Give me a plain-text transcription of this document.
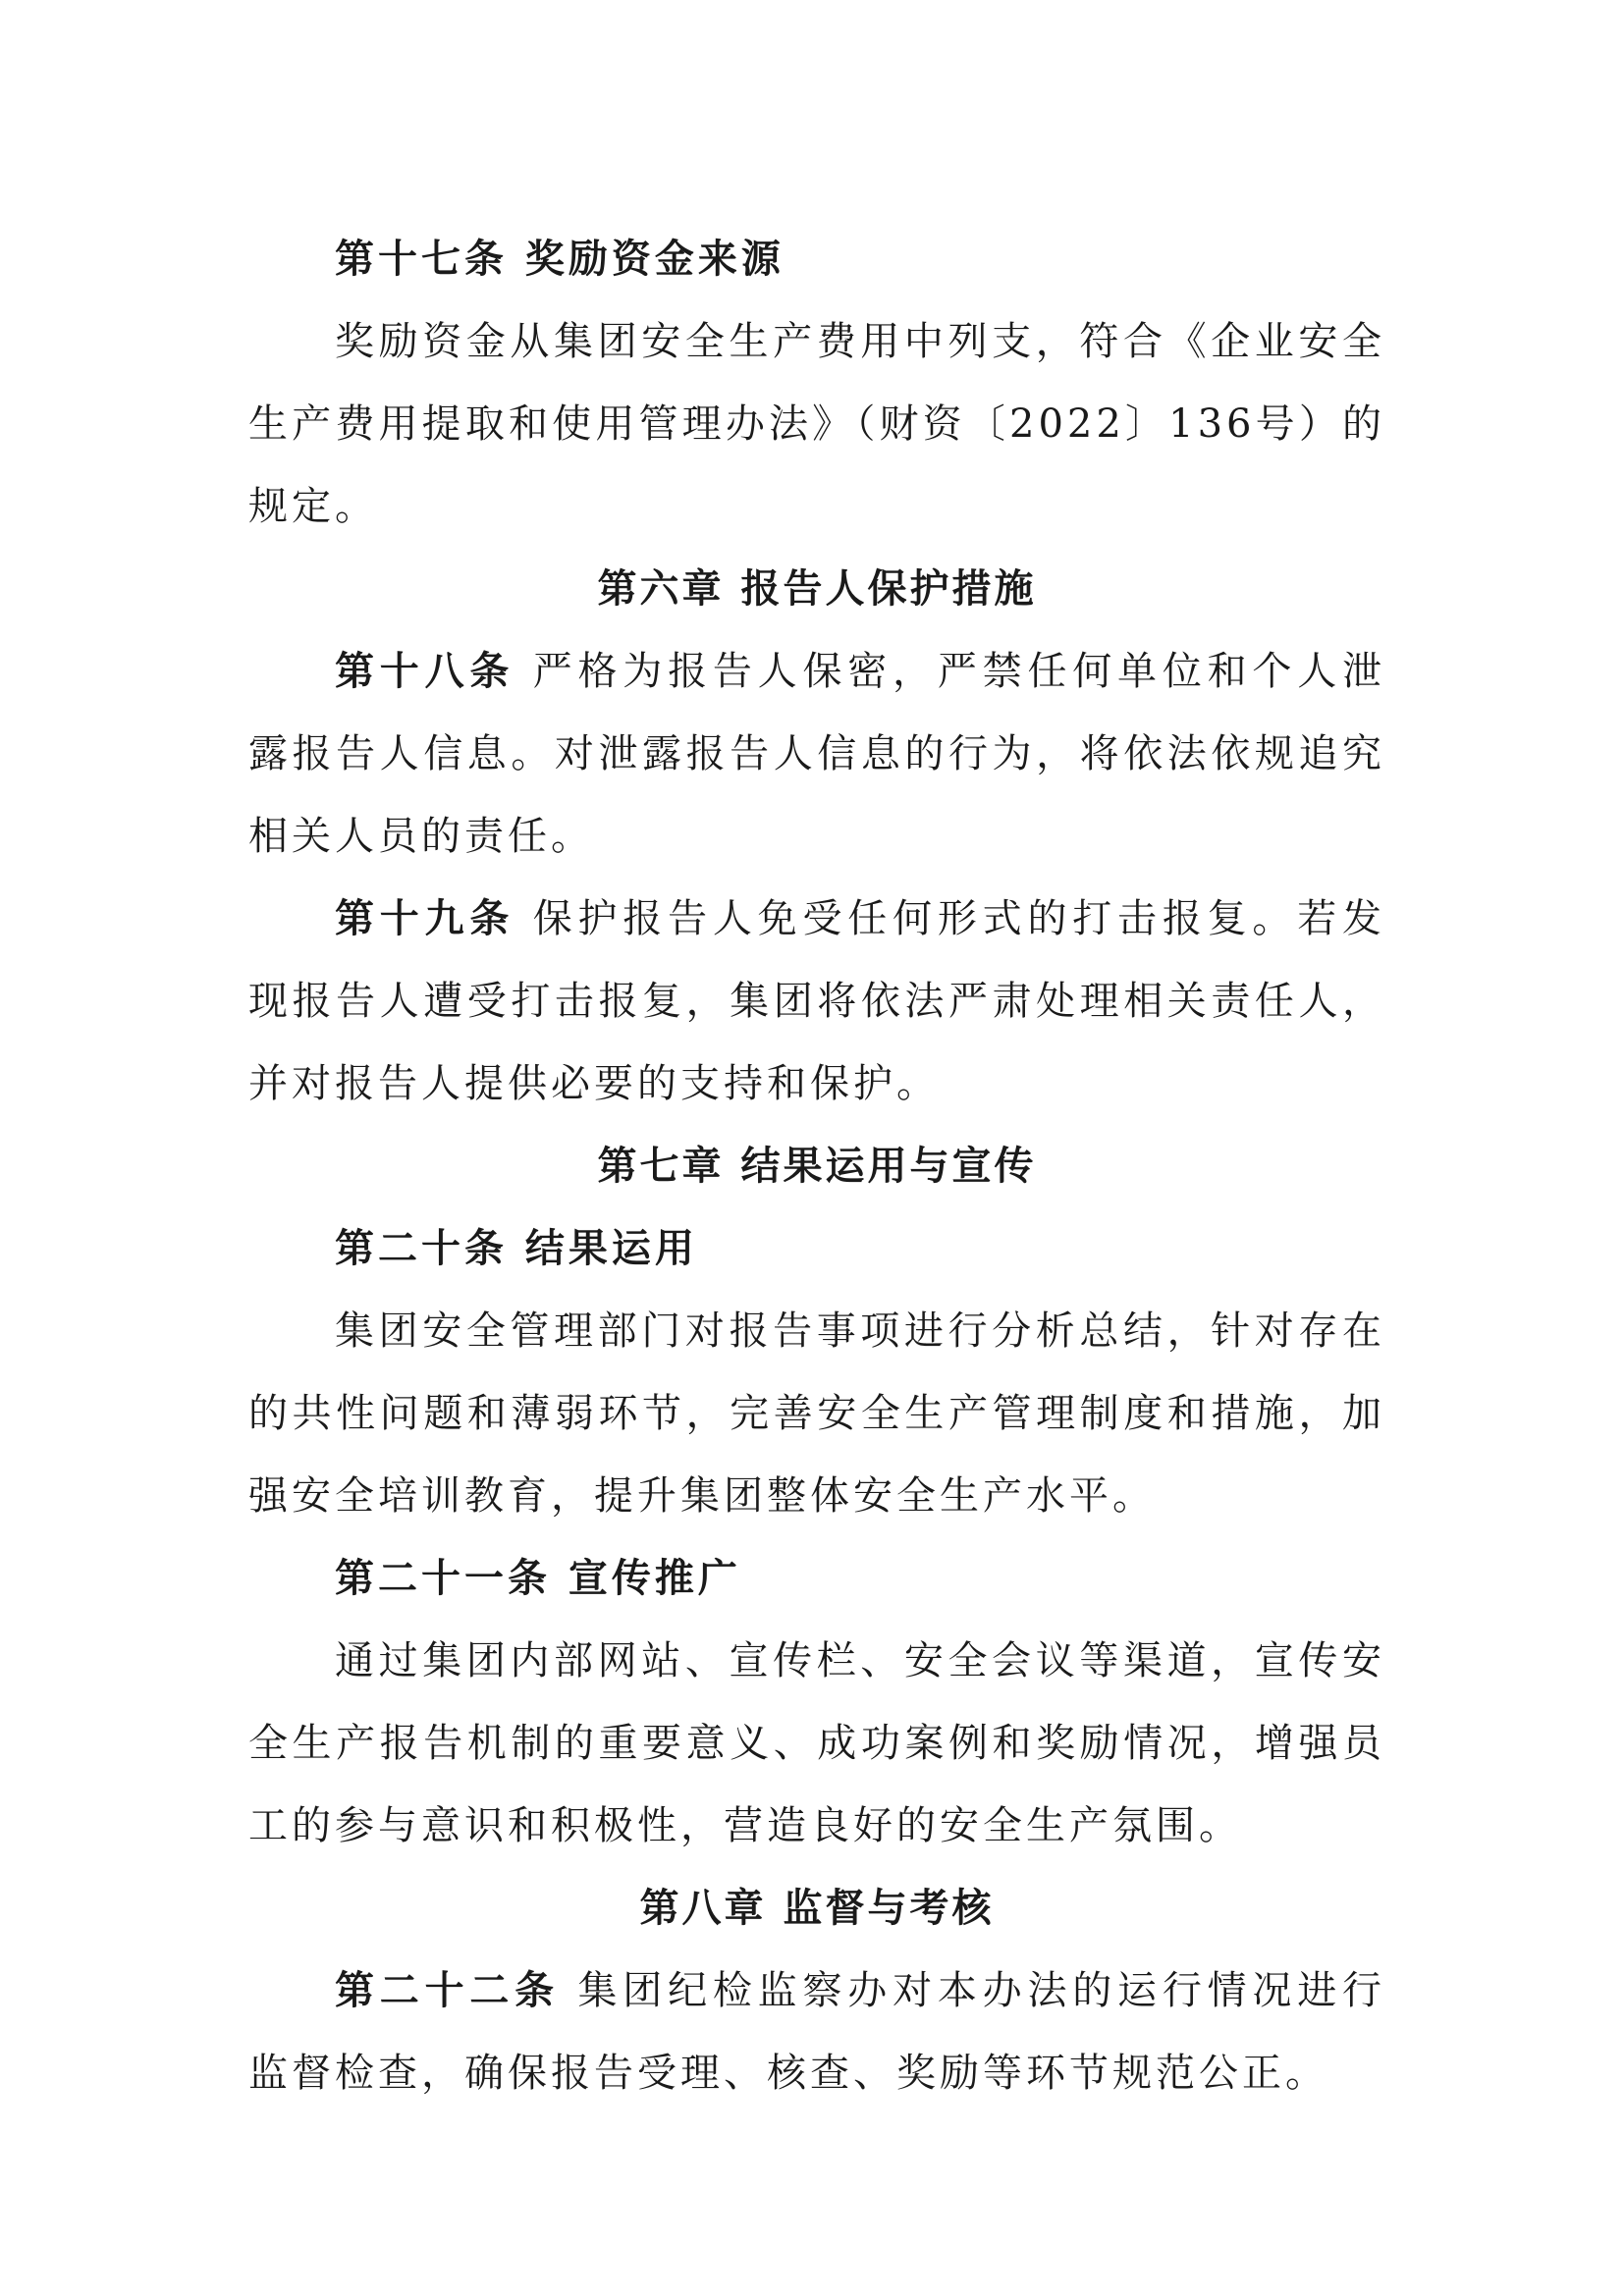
第十七条 奖励资金来源
奖励资金从集团安全生产费用中列支，符合《企业安全
生产费用提取和使用管理办法》（财资〔2022〕136号）的
规定。
第六章 报告人保护措施
第十八条 严格为报告人保密，严禁任何单位和个人泄
露报告人信息。对泄露报告人信息的行为，将依法依规追究
相关人员的责任。
第十九条 保护报告人免受任何形式的打击报复。若发
现报告人遭受打击报复，集团将依法严肃处理相关责任人，
并对报告人提供必要的支持和保护。
第七章 结果运用与宣传
第二十条 结果运用
集团安全管理部门对报告事项进行分析总结，针对存在
的共性问题和薄弱环节，完善安全生产管理制度和措施，加
强安全培训教育，提升集团整体安全生产水平。
第二十一条 宣传推广
通过集团内部网站、宣传栏、安全会议等渠道，宣传安
全生产报告机制的重要意义、成功案例和奖励情况，增强员
工的参与意识和积极性，营造良好的安全生产氛围。
第八章 监督与考核
第二十二条 集团纪检监察办对本办法的运行情况进行
监督检查，确保报告受理、核查、奖励等环节规范公正。
